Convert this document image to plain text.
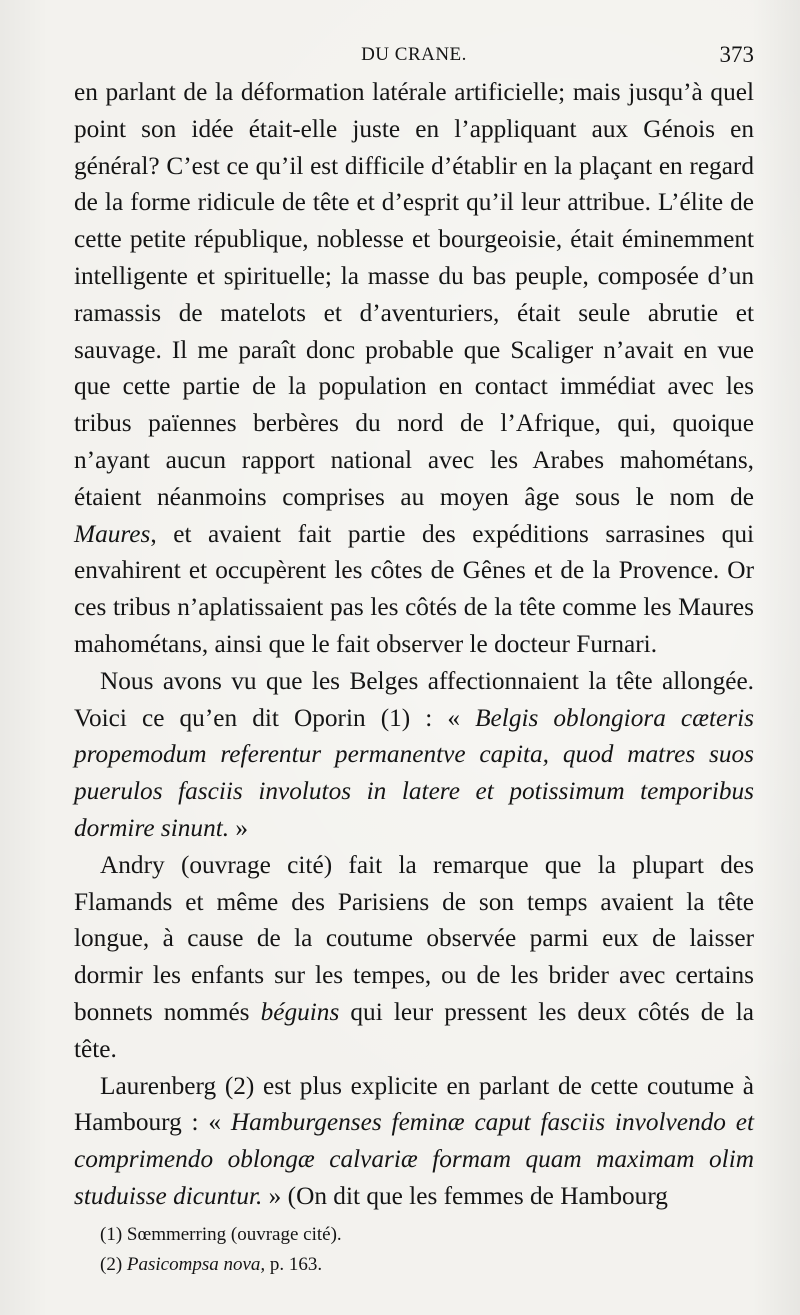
DU CRANE.	373

en parlant de la déformation latérale artificielle; mais jusqu’à quel point son idée était-elle juste en l’appliquant aux Génois en général? C’est ce qu’il est difficile d’établir en la plaçant en regard de la forme ridicule de tête et d’esprit qu’il leur attribue. L’élite de cette petite république, noblesse et bourgeoisie, était éminemment intelligente et spirituelle; la masse du bas peuple, composée d’un ramassis de matelots et d’aventuriers, était seule abrutie et sauvage. Il me paraît donc probable que Scaliger n’avait en vue que cette partie de la population en contact immédiat avec les tribus païennes berbères du nord de l’Afrique, qui, quoique n’ayant aucun rapport national avec les Arabes mahométans, étaient néanmoins comprises au moyen âge sous le nom de Maures, et avaient fait partie des expéditions sarrasines qui envahirent et occupèrent les côtes de Gênes et de la Provence. Or ces tribus n’aplatissaient pas les côtés de la tête comme les Maures mahométans, ainsi que le fait observer le docteur Furnari.

Nous avons vu que les Belges affectionnaient la tête allongée. Voici ce qu’en dit Oporin (1) : « Belgis oblongiora cæteris propemodum referentur permanentve capita, quod matres suos puerulos fasciis involutos in latere et potissimum temporibus dormire sinunt. »

Andry (ouvrage cité) fait la remarque que la plupart des Flamands et même des Parisiens de son temps avaient la tête longue, à cause de la coutume observée parmi eux de laisser dormir les enfants sur les tempes, ou de les brider avec certains bonnets nommés béguins qui leur pressent les deux côtés de la tête.

Laurenberg (2) est plus explicite en parlant de cette coutume à Hambourg : « Hamburgenses feminæ caput fasciis involvendo et comprimendo oblongæ calvariæ formam quam maximam olim studuisse dicuntur. » (On dit que les femmes de Hambourg

(1) Sœmmerring (ouvrage cité).
(2) Pasicompsa nova, p. 163.
